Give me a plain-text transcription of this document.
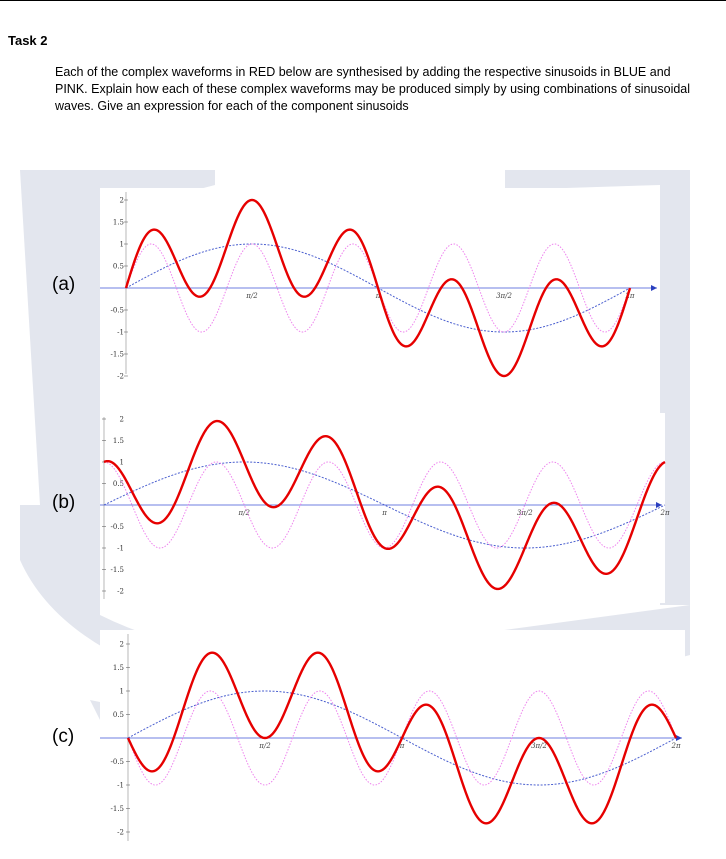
Task 2
Each of the complex waveforms in RED below are synthesised by adding the respective sinusoids in BLUE and PINK. Explain how each of these complex waveforms may be produced simply by using combinations of sinusoidal waves. Give an expression for each of the component sinusoids
(a)
2
1.5
1
0.5
-0.5
-1
-1.5
-2
π/2	π	3π/2	2π
(b)
2
1.5
1
0.5
-0.5
-1
-1.5
-2
π/2	π	3π/2	2π
(c)
2
1.5
1
0.5
-0.5
-1
-1.5
-2
π/2	π	3π/2	2π
